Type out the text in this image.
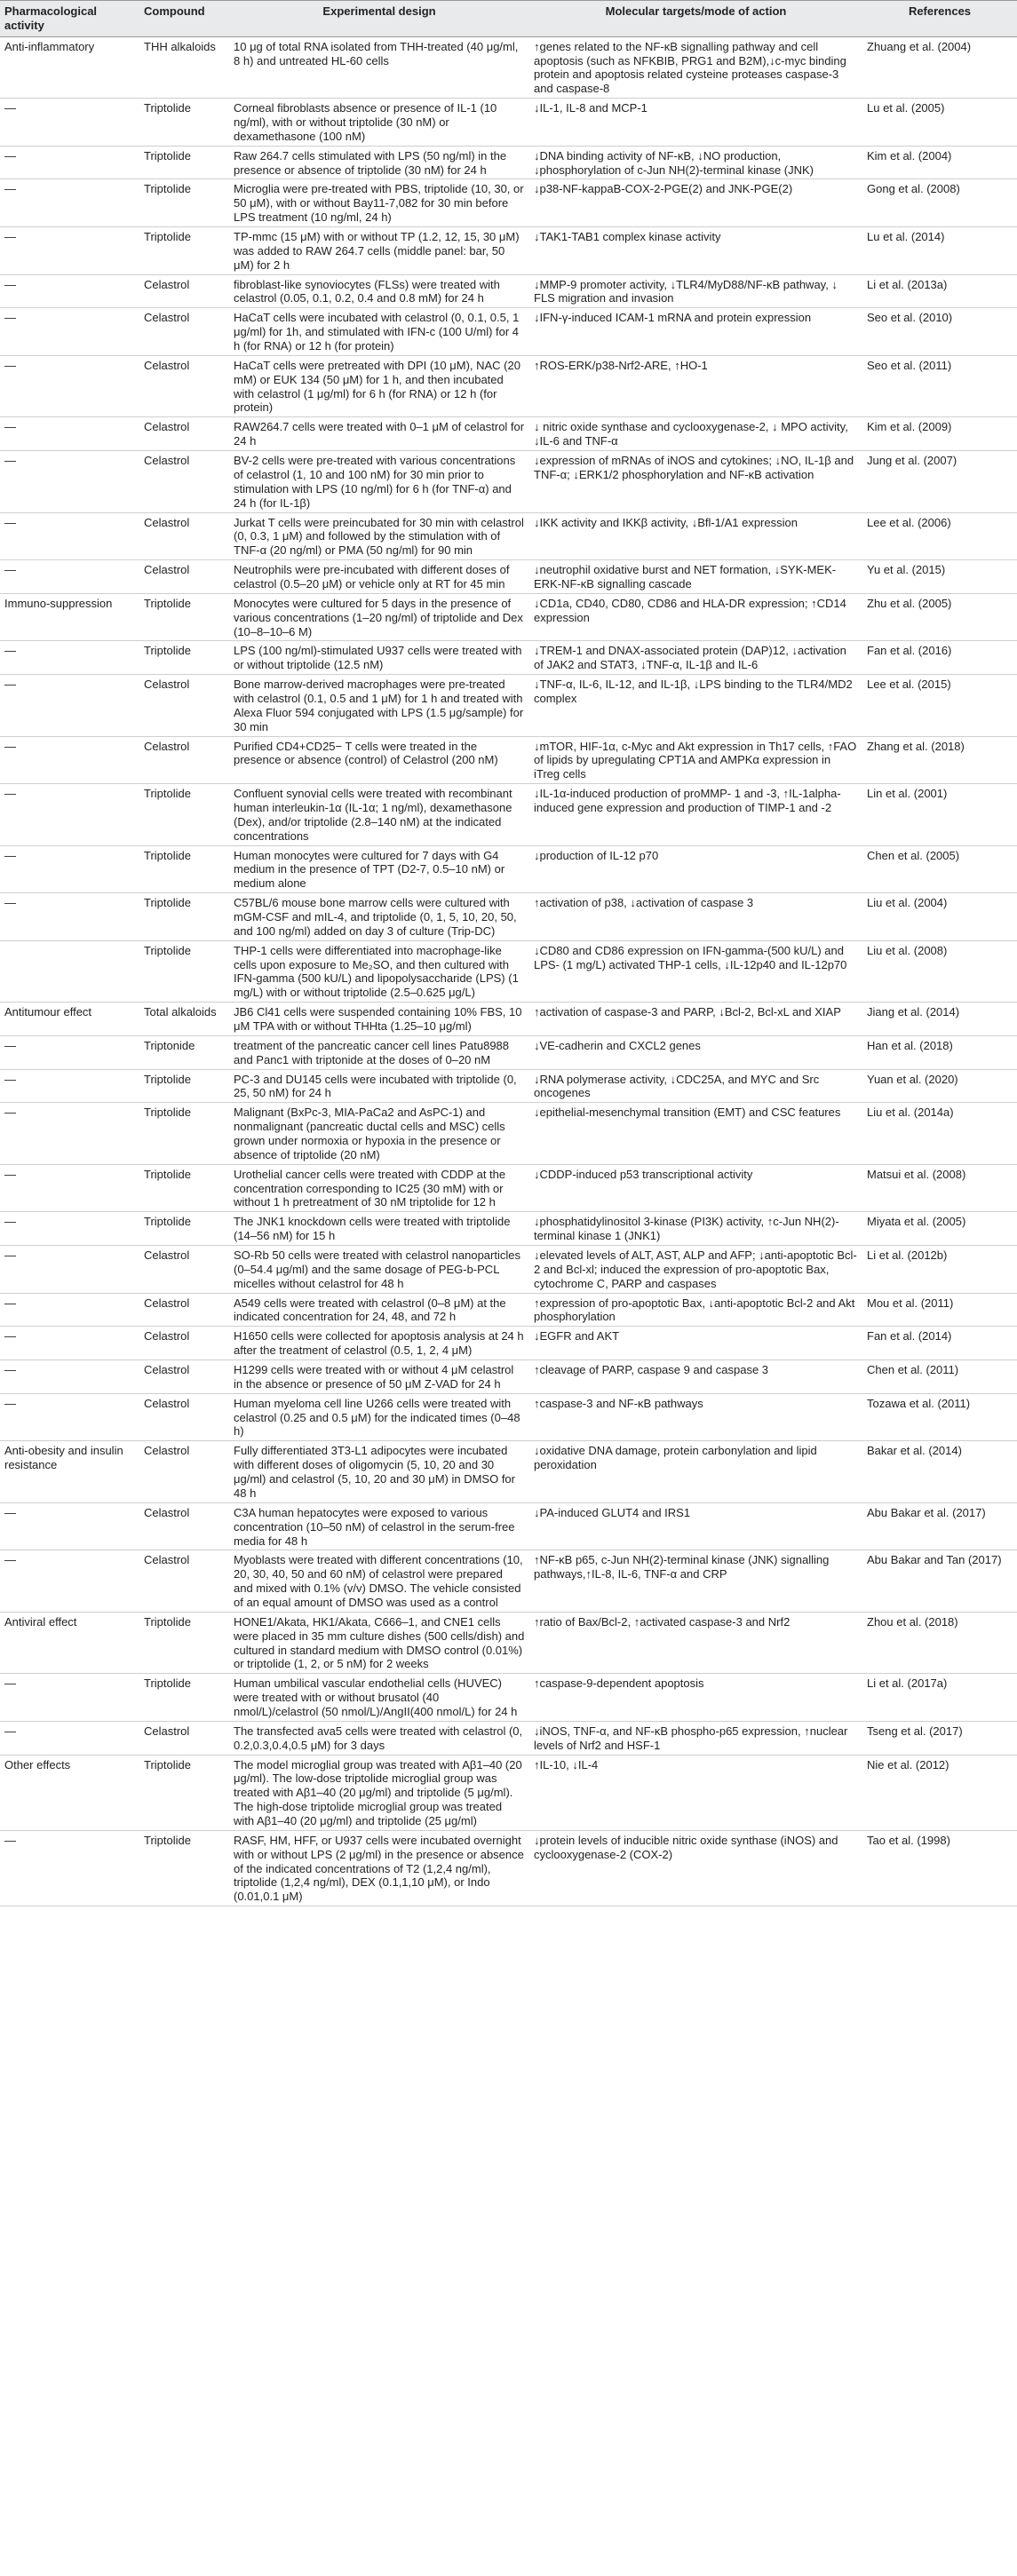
Pharmacological activity	Compound	Experimental design	Molecular targets/mode of action	References
Anti-inflammatory	THH alkaloids	10 μg of total RNA isolated from THH-treated (40 μg/ml, 8 h) and untreated HL-60 cells	↑genes related to the NF-κB signalling pathway and cell apoptosis (such as NFKBIB, PRG1 and B2M),↓c-myc binding protein and apoptosis related cysteine proteases caspase-3 and caspase-8	Zhuang et al. (2004)
—	Triptolide	Corneal fibroblasts absence or presence of IL-1 (10 ng/ml), with or without triptolide (30 nM) or dexamethasone (100 nM)	↓IL-1, IL-8 and MCP-1	Lu et al. (2005)
—	Triptolide	Raw 264.7 cells stimulated with LPS (50 ng/ml) in the presence or absence of triptolide (30 nM) for 24 h	↓DNA binding activity of NF-κB, ↓NO production, ↓phosphorylation of c-Jun NH(2)-terminal kinase (JNK)	Kim et al. (2004)
—	Triptolide	Microglia were pre-treated with PBS, triptolide (10, 30, or 50 μM), with or without Bay11-7,082 for 30 min before LPS treatment (10 ng/ml, 24 h)	↓p38-NF-kappaB-COX-2-PGE(2) and JNK-PGE(2)	Gong et al. (2008)
—	Triptolide	TP-mmc (15 μM) with or without TP (1.2, 12, 15, 30 μM) was added to RAW 264.7 cells (middle panel: bar, 50 μM) for 2 h	↓TAK1-TAB1 complex kinase activity	Lu et al. (2014)
—	Celastrol	fibroblast-like synoviocytes (FLSs) were treated with celastrol (0.05, 0.1, 0.2, 0.4 and 0.8 mM) for 24 h	↓MMP-9 promoter activity, ↓TLR4/MyD88/NF-κB pathway, ↓ FLS migration and invasion	Li et al. (2013a)
—	Celastrol	HaCaT cells were incubated with celastrol (0, 0.1, 0.5, 1 μg/ml) for 1h, and stimulated with IFN-c (100 U/ml) for 4 h (for RNA) or 12 h (for protein)	↓IFN-γ-induced ICAM-1 mRNA and protein expression	Seo et al. (2010)
—	Celastrol	HaCaT cells were pretreated with DPI (10 μM), NAC (20 mM) or EUK 134 (50 μM) for 1 h, and then incubated with celastrol (1 μg/ml) for 6 h (for RNA) or 12 h (for protein)	↑ROS-ERK/p38-Nrf2-ARE, ↑HO-1	Seo et al. (2011)
—	Celastrol	RAW264.7 cells were treated with 0–1 μM of celastrol for 24 h	↓ nitric oxide synthase and cyclooxygenase-2, ↓ MPO activity, ↓IL-6 and TNF-α	Kim et al. (2009)
—	Celastrol	BV-2 cells were pre-treated with various concentrations of celastrol (1, 10 and 100 nM) for 30 min prior to stimulation with LPS (10 ng/ml) for 6 h (for TNF-α) and 24 h (for IL-1β)	↓expression of mRNAs of iNOS and cytokines; ↓NO, IL-1β and TNF-α; ↓ERK1/2 phosphorylation and NF-κB activation	Jung et al. (2007)
—	Celastrol	Jurkat T cells were preincubated for 30 min with celastrol (0, 0.3, 1 μM) and followed by the stimulation with of TNF-α (20 ng/ml) or PMA (50 ng/ml) for 90 min	↓IKK activity and IKKβ activity, ↓Bfl-1/A1 expression	Lee et al. (2006)
—	Celastrol	Neutrophils were pre-incubated with different doses of celastrol (0.5–20 μM) or vehicle only at RT for 45 min	↓neutrophil oxidative burst and NET formation, ↓SYK-MEK-ERK-NF-κB signalling cascade	Yu et al. (2015)
Immuno-suppression	Triptolide	Monocytes were cultured for 5 days in the presence of various concentrations (1–20 ng/ml) of triptolide and Dex (10–8–10–6 M)	↓CD1a, CD40, CD80, CD86 and HLA-DR expression; ↑CD14 expression	Zhu et al. (2005)
—	Triptolide	LPS (100 ng/ml)-stimulated U937 cells were treated with or without triptolide (12.5 nM)	↓TREM-1 and DNAX-associated protein (DAP)12, ↓activation of JAK2 and STAT3, ↓TNF-α, IL-1β and IL-6	Fan et al. (2016)
—	Celastrol	Bone marrow-derived macrophages were pre-treated with celastrol (0.1, 0.5 and 1 μM) for 1 h and treated with Alexa Fluor 594 conjugated with LPS (1.5 μg/sample) for 30 min	↓TNF-α, IL-6, IL-12, and IL-1β, ↓LPS binding to the TLR4/MD2 complex	Lee et al. (2015)
—	Celastrol	Purified CD4+CD25− T cells were treated in the presence or absence (control) of Celastrol (200 nM)	↓mTOR, HIF-1α, c-Myc and Akt expression in Th17 cells, ↑FAO of lipids by upregulating CPT1A and AMPKα expression in iTreg cells	Zhang et al. (2018)
—	Triptolide	Confluent synovial cells were treated with recombinant human interleukin-1α (IL-1α; 1 ng/ml), dexamethasone (Dex), and/or triptolide (2.8–140 nM) at the indicated concentrations	↓IL-1α-induced production of proMMP- 1 and -3, ↑IL-1alpha-induced gene expression and production of TIMP-1 and -2	Lin et al. (2001)
—	Triptolide	Human monocytes were cultured for 7 days with G4 medium in the presence of TPT (D2-7, 0.5–10 nM) or medium alone	↓production of IL-12 p70	Chen et al. (2005)
—	Triptolide	C57BL/6 mouse bone marrow cells were cultured with mGM-CSF and mIL-4, and triptolide (0, 1, 5, 10, 20, 50, and 100 ng/ml) added on day 3 of culture (Trip-DC)	↑activation of p38, ↓activation of caspase 3	Liu et al. (2004)
	Triptolide	THP-1 cells were differentiated into macrophage-like cells upon exposure to Me₂SO, and then cultured with IFN-gamma (500 kU/L) and lipopolysaccharide (LPS) (1 mg/L) with or without triptolide (2.5–0.625 μg/L)	↓CD80 and CD86 expression on IFN-gamma-(500 kU/L) and LPS- (1 mg/L) activated THP-1 cells, ↓IL-12p40 and IL-12p70	Liu et al. (2008)
Antitumour effect	Total alkaloids	JB6 Cl41 cells were suspended containing 10% FBS, 10 μM TPA with or without THHta (1.25–10 μg/ml)	↑activation of caspase-3 and PARP, ↓Bcl-2, Bcl-xL and XIAP	Jiang et al. (2014)
—	Triptonide	treatment of the pancreatic cancer cell lines Patu8988 and Panc1 with triptonide at the doses of 0–20 nM	↓VE-cadherin and CXCL2 genes	Han et al. (2018)
—	Triptolide	PC-3 and DU145 cells were incubated with triptolide (0, 25, 50 nM) for 24 h	↓RNA polymerase activity, ↓CDC25A, and MYC and Src oncogenes	Yuan et al. (2020)
—	Triptolide	Malignant (BxPc-3, MIA-PaCa2 and AsPC-1) and nonmalignant (pancreatic ductal cells and MSC) cells grown under normoxia or hypoxia in the presence or absence of triptolide (20 nM)	↓epithelial-mesenchymal transition (EMT) and CSC features	Liu et al. (2014a)
—	Triptolide	Urothelial cancer cells were treated with CDDP at the concentration corresponding to IC25 (30 mM) with or without 1 h pretreatment of 30 nM triptolide for 12 h	↓CDDP-induced p53 transcriptional activity	Matsui et al. (2008)
—	Triptolide	The JNK1 knockdown cells were treated with triptolide (14–56 nM) for 15 h	↓phosphatidylinositol 3-kinase (PI3K) activity, ↑c-Jun NH(2)-terminal kinase 1 (JNK1)	Miyata et al. (2005)
—	Celastrol	SO-Rb 50 cells were treated with celastrol nanoparticles (0–54.4 μg/ml) and the same dosage of PEG-b-PCL micelles without celastrol for 48 h	↓elevated levels of ALT, AST, ALP and AFP; ↓anti-apoptotic Bcl-2 and Bcl-xl; induced the expression of pro-apoptotic Bax, cytochrome C, PARP and caspases	Li et al. (2012b)
—	Celastrol	A549 cells were treated with celastrol (0–8 μM) at the indicated concentration for 24, 48, and 72 h	↑expression of pro-apoptotic Bax, ↓anti-apoptotic Bcl-2 and Akt phosphorylation	Mou et al. (2011)
—	Celastrol	H1650 cells were collected for apoptosis analysis at 24 h after the treatment of celastrol (0.5, 1, 2, 4 μM)	↓EGFR and AKT	Fan et al. (2014)
—	Celastrol	H1299 cells were treated with or without 4 μM celastrol in the absence or presence of 50 μM Z-VAD for 24 h	↑cleavage of PARP, caspase 9 and caspase 3	Chen et al. (2011)
—	Celastrol	Human myeloma cell line U266 cells were treated with celastrol (0.25 and 0.5 μM) for the indicated times (0–48 h)	↑caspase-3 and NF-κB pathways	Tozawa et al. (2011)
Anti-obesity and insulin resistance	Celastrol	Fully differentiated 3T3-L1 adipocytes were incubated with different doses of oligomycin (5, 10, 20 and 30 μg/ml) and celastrol (5, 10, 20 and 30 μM) in DMSO for 48 h	↓oxidative DNA damage, protein carbonylation and lipid peroxidation	Bakar et al. (2014)
—	Celastrol	C3A human hepatocytes were exposed to various concentration (10–50 nM) of celastrol in the serum-free media for 48 h	↓PA-induced GLUT4 and IRS1	Abu Bakar et al. (2017)
—	Celastrol	Myoblasts were treated with different concentrations (10, 20, 30, 40, 50 and 60 nM) of celastrol were prepared and mixed with 0.1% (v/v) DMSO. The vehicle consisted of an equal amount of DMSO was used as a control	↑NF-κB p65, c-Jun NH(2)-terminal kinase (JNK) signalling pathways,↑IL-8, IL-6, TNF-α and CRP	Abu Bakar and Tan (2017)
Antiviral effect	Triptolide	HONE1/Akata, HK1/Akata, C666–1, and CNE1 cells were placed in 35 mm culture dishes (500 cells/dish) and cultured in standard medium with DMSO control (0.01%) or triptolide (1, 2, or 5 nM) for 2 weeks	↑ratio of Bax/Bcl-2, ↑activated caspase-3 and Nrf2	Zhou et al. (2018)
—	Triptolide	Human umbilical vascular endothelial cells (HUVEC) were treated with or without brusatol (40 nmol/L)/celastrol (50 nmol/L)/AngII(400 nmol/L) for 24 h	↑caspase-9-dependent apoptosis	Li et al. (2017a)
—	Celastrol	The transfected ava5 cells were treated with celastrol (0, 0.2,0.3,0.4,0.5 μM) for 3 days	↓iNOS, TNF-α, and NF-κB phospho-p65 expression, ↑nuclear levels of Nrf2 and HSF-1	Tseng et al. (2017)
Other effects	Triptolide	The model microglial group was treated with Aβ1–40 (20 μg/ml). The low-dose triptolide microglial group was treated with Aβ1–40 (20 μg/ml) and triptolide (5 μg/ml). The high-dose triptolide microglial group was treated with Aβ1–40 (20 μg/ml) and triptolide (25 μg/ml)	↑IL-10, ↓IL-4	Nie et al. (2012)
—	Triptolide	RASF, HM, HFF, or U937 cells were incubated overnight with or without LPS (2 μg/ml) in the presence or absence of the indicated concentrations of T2 (1,2,4 ng/ml), triptolide (1,2,4 ng/ml), DEX (0.1,1,10 μM), or Indo (0.01,0.1 μM)	↓protein levels of inducible nitric oxide synthase (iNOS) and cyclooxygenase-2 (COX-2)	Tao et al. (1998)
